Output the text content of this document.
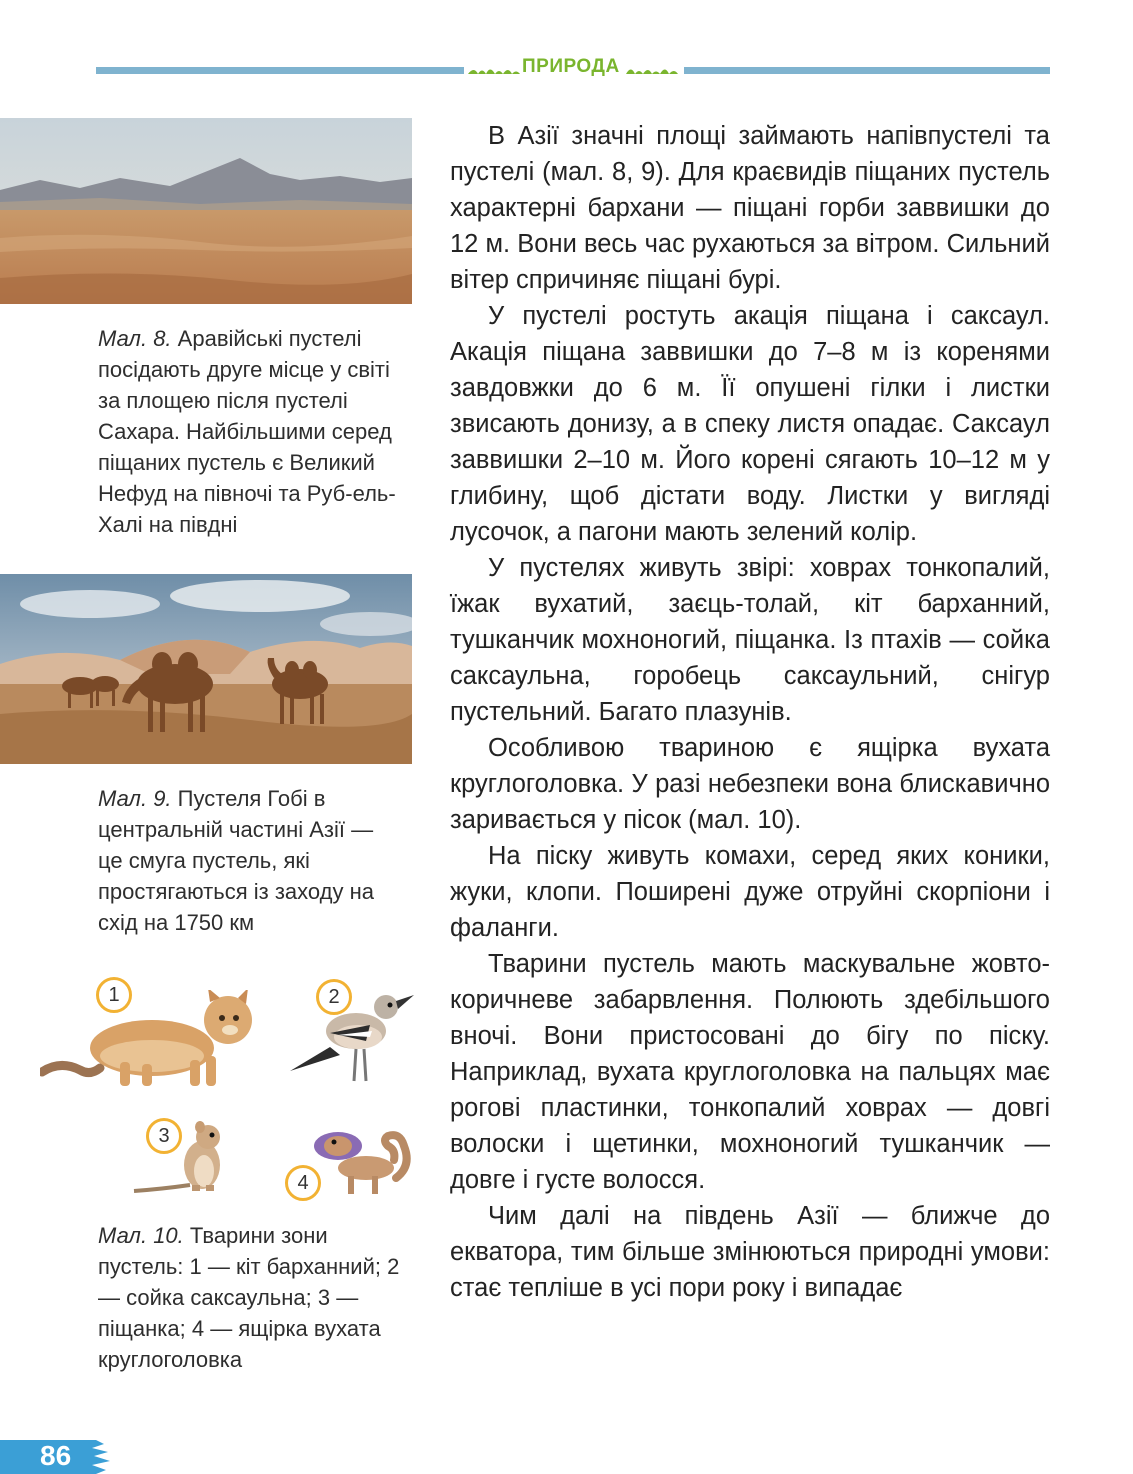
ПРИРОДА
Мал. 8. Аравійські пустелі посідають друге місце у світі за площею після пустелі Сахара. Найбільшими серед піщаних пустель є Великий Нефуд на півночі та Руб-ель-Халі на півдні
Мал. 9. Пустеля Гобі в центральній частині Азії — це смуга пустель, які простягаються із заходу на схід на 1750 км
1	2
3
4
Мал. 10. Тварини зони пустель: 1 — кіт барханний; 2 — сойка саксаульна; 3 — піщанка; 4 — ящірка вухата круглоголовка

В Азії значні площі займають напівпустелі та пустелі (мал. 8, 9). Для краєвидів піщаних пустель характерні бархани — піщані горби заввишки до 12 м. Вони весь час рухаються за вітром. Сильний вітер спричиняє піщані бурі.

У пустелі ростуть акація піщана і саксаул. Акація піщана заввишки до 7–8 м із коренями завдовжки до 6 м. Її опушені гілки і листки звисають донизу, а в спеку листя опадає. Саксаул заввишки 2–10 м. Його корені сягають 10–12 м у глибину, щоб дістати воду. Листки у вигляді лусочок, а пагони мають зелений колір.

У пустелях живуть звірі: ховрах тонкопалий, їжак вухатий, заєць-толай, кіт барханний, тушканчик мохноногий, піщанка. Із птахів — сойка саксаульна, горобець саксаульний, снігур пустельний. Багато плазунів.

Особливою твариною є ящірка вухата круглоголовка. У разі небезпеки вона блискавично заривається у пісок (мал. 10).

На піску живуть комахи, серед яких коники, жуки, клопи. Поширені дуже отруйні скорпіони і фаланги.

Тварини пустель мають маскувальне жовто-коричневе забарвлення. Полюють здебільшого вночі. Вони пристосовані до бігу по піску. Наприклад, вухата круглоголовка на пальцях має рогові пластинки, тонкопалий ховрах — довгі волоски і щетинки, мохноногий тушканчик — довге і густе волосся.

Чим далі на південь Азії — ближче до екватора, тим більше змінюються природні умови: стає тепліше в усі пори року і випадає

86
